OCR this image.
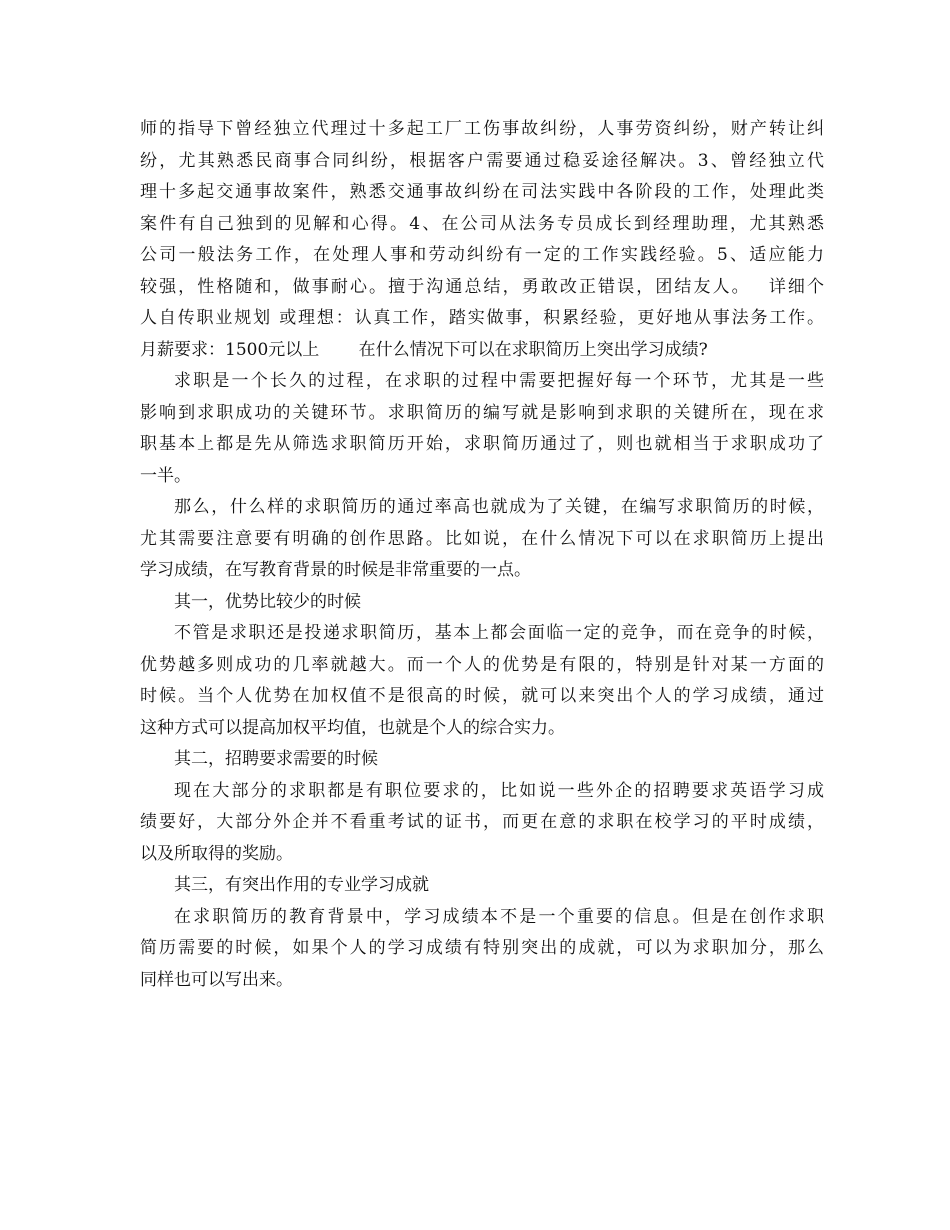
师的指导下曾经独立代理过十多起工厂工伤事故纠纷，人事劳资纠纷，财产转让纠
纷，尤其熟悉民商事合同纠纷，根据客户需要通过稳妥途径解决。3、曾经独立代
理十多起交通事故案件，熟悉交通事故纠纷在司法实践中各阶段的工作，处理此类
案件有自己独到的见解和心得。4、在公司从法务专员成长到经理助理，尤其熟悉
公司一般法务工作，在处理人事和劳动纠纷有一定的工作实践经验。5、适应能力
较强，性格随和，做事耐心。擅于沟通总结，勇敢改正错误，团结友人。　 详细个
人自传职业规划 或理想：认真工作，踏实做事，积累经验，更好地从事法务工作。
月薪要求：1500元以上　　 在什么情况下可以在求职简历上突出学习成绩?
求职是一个长久的过程，在求职的过程中需要把握好每一个环节，尤其是一些
影响到求职成功的关键环节。求职简历的编写就是影响到求职的关键所在，现在求
职基本上都是先从筛选求职简历开始，求职简历通过了，则也就相当于求职成功了
一半。
那么，什么样的求职简历的通过率高也就成为了关键，在编写求职简历的时候，
尤其需要注意要有明确的创作思路。比如说，在什么情况下可以在求职简历上提出
学习成绩，在写教育背景的时候是非常重要的一点。
其一，优势比较少的时候
不管是求职还是投递求职简历，基本上都会面临一定的竞争，而在竞争的时候，
优势越多则成功的几率就越大。而一个人的优势是有限的，特别是针对某一方面的
时候。当个人优势在加权值不是很高的时候，就可以来突出个人的学习成绩，通过
这种方式可以提高加权平均值，也就是个人的综合实力。
其二，招聘要求需要的时候
现在大部分的求职都是有职位要求的，比如说一些外企的招聘要求英语学习成
绩要好，大部分外企并不看重考试的证书，而更在意的求职在校学习的平时成绩，
以及所取得的奖励。
其三，有突出作用的专业学习成就
在求职简历的教育背景中，学习成绩本不是一个重要的信息。但是在创作求职
简历需要的时候，如果个人的学习成绩有特别突出的成就，可以为求职加分，那么
同样也可以写出来。
